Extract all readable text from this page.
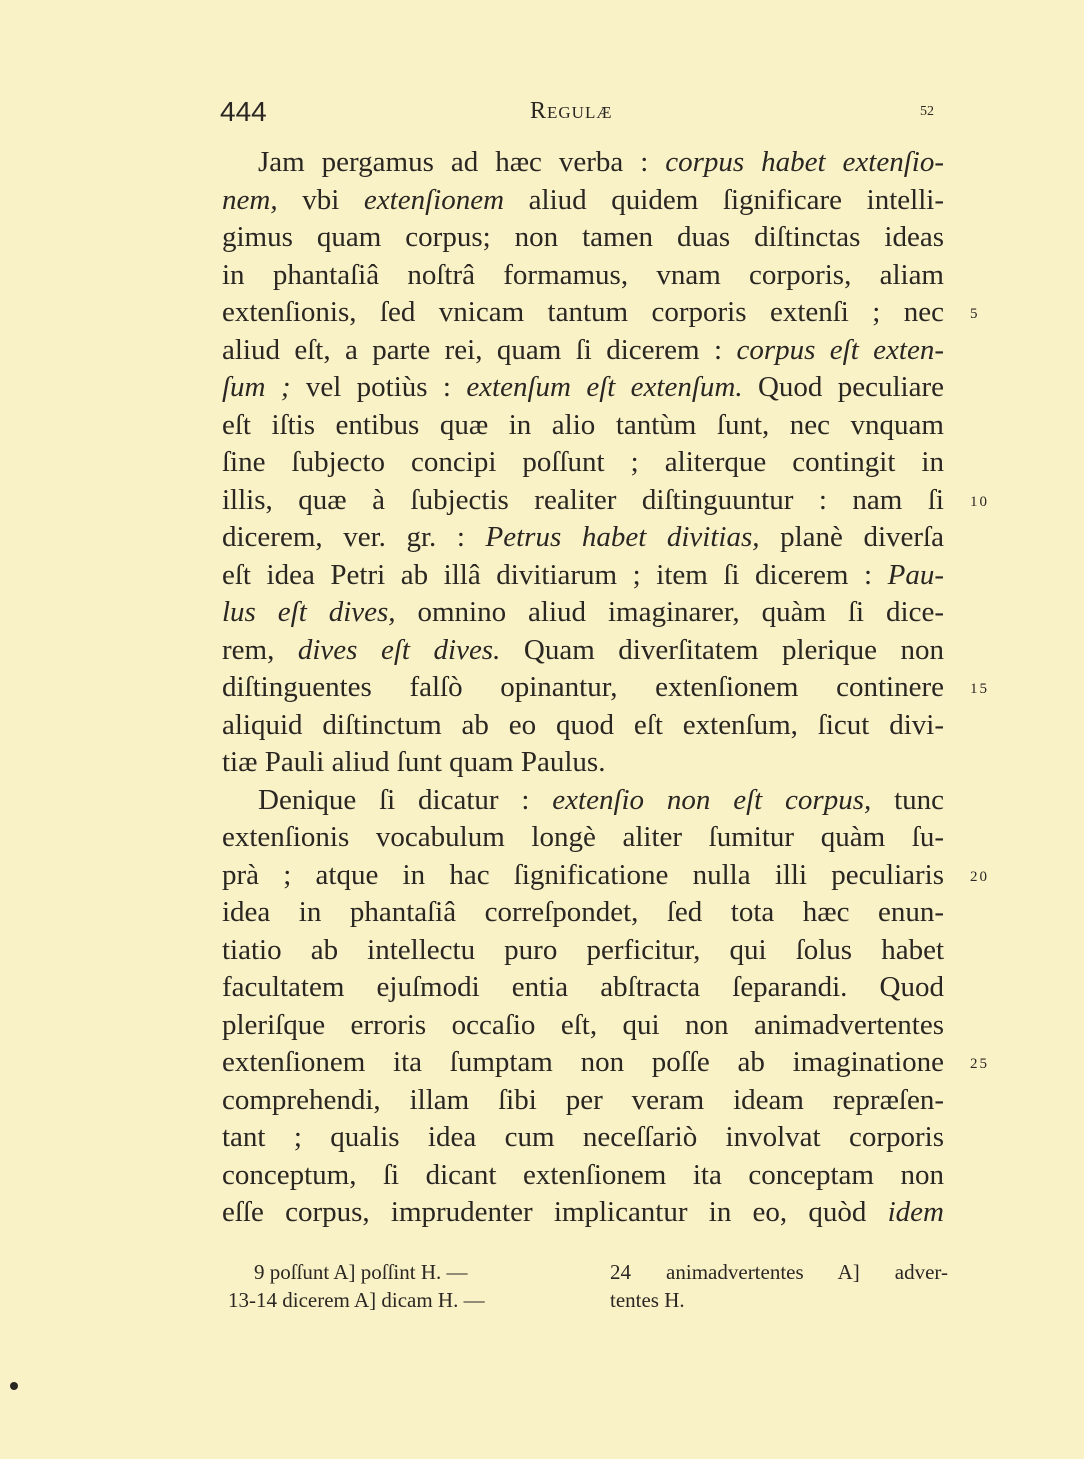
444	Regulæ	52
Jam pergamus ad hæc verba : corpus habet extenſio-
nem, vbi extenſionem aliud quidem ſignificare intelli-
gimus quam corpus; non tamen duas diſtinctas ideas
in phantaſiâ noſtrâ formamus, vnam corporis, aliam
extenſionis, ſed vnicam tantum corporis extenſi ; nec
aliud eſt, a parte rei, quam ſi dicerem : corpus eſt exten-
ſum ; vel potiùs : extenſum eſt extenſum. Quod peculiare
eſt iſtis entibus quæ in alio tantùm ſunt, nec vnquam
ſine ſubjecto concipi poſſunt ; aliterque contingit in
illis, quæ à ſubjectis realiter diſtinguuntur : nam ſi
dicerem, ver. gr. : Petrus habet divitias, planè diverſa
eſt idea Petri ab illâ divitiarum ; item ſi dicerem : Pau-
lus eſt dives, omnino aliud imaginarer, quàm ſi dice-
rem, dives eſt dives. Quam diverſitatem plerique non
diſtinguentes falſò opinantur, extenſionem continere
aliquid diſtinctum ab eo quod eſt extenſum, ſicut divi-
tiæ Pauli aliud ſunt quam Paulus.
Denique ſi dicatur : extenſio non eſt corpus, tunc
extenſionis vocabulum longè aliter ſumitur quàm ſu-
prà ; atque in hac ſignificatione nulla illi peculiaris
idea in phantaſiâ correſpondet, ſed tota hæc enun-
tiatio ab intellectu puro perficitur, qui ſolus habet
facultatem ejuſmodi entia abſtracta ſeparandi. Quod
pleriſque erroris occaſio eſt, qui non animadvertentes
extenſionem ita ſumptam non poſſe ab imaginatione
comprehendi, illam ſibi per veram ideam repræſen-
tant ; qualis idea cum neceſſariò involvat corporis
conceptum, ſi dicant extenſionem ita conceptam non
eſſe corpus, imprudenter implicantur in eo, quòd idem
5
10
15
20
25
9 poſſunt A] poſſint H. —
13-14 dicerem A] dicam H. —
24 animadvertentes A] adver-
tentes H.
